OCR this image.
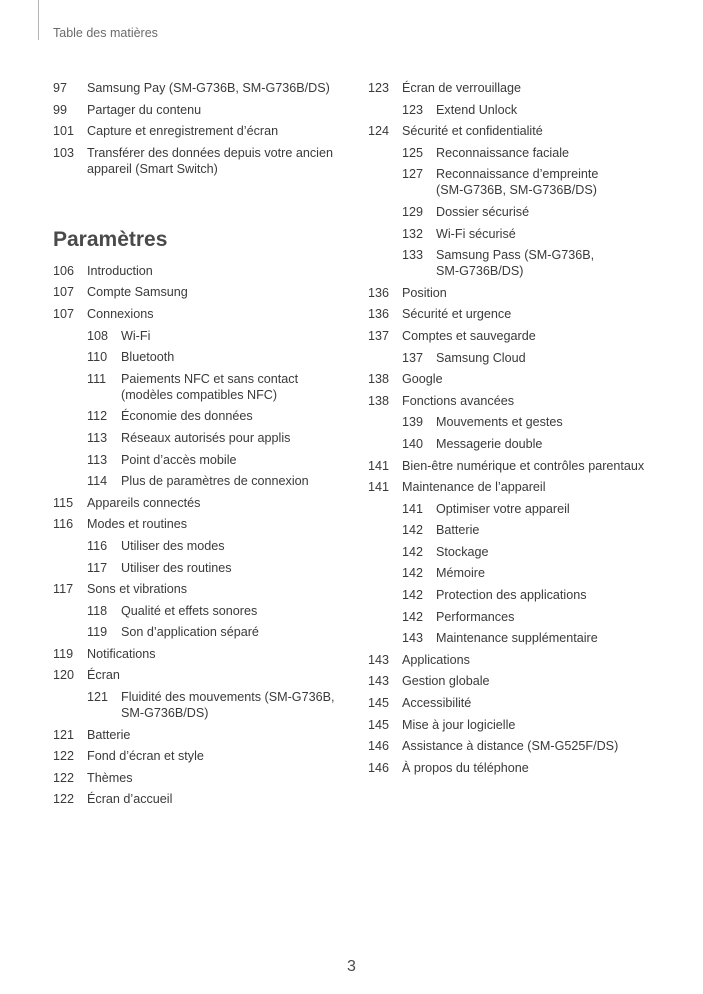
Table des matières
97	Samsung Pay (SM-G736B, SM-G736B/DS)
99	Partager du contenu
101	Capture et enregistrement d’écran
103	Transférer des données depuis votre ancien
appareil (Smart Switch)
Paramètres
106	Introduction
107	Compte Samsung
107	Connexions
108	Wi-Fi
110	Bluetooth
111	Paiements NFC et sans contact
(modèles compatibles NFC)
112	Économie des données
113	Réseaux autorisés pour applis
113	Point d’accès mobile
114	Plus de paramètres de connexion
115	Appareils connectés
116	Modes et routines
116	Utiliser des modes
117	Utiliser des routines
117	Sons et vibrations
118	Qualité et effets sonores
119	Son d’application séparé
119	Notifications
120	Écran
121	Fluidité des mouvements (SM-G736B,
SM-G736B/DS)
121	Batterie
122	Fond d’écran et style
122	Thèmes
122	Écran d’accueil
123	Écran de verrouillage
123	Extend Unlock
124	Sécurité et confidentialité
125	Reconnaissance faciale
127	Reconnaissance d’empreinte
(SM-G736B, SM-G736B/DS)
129	Dossier sécurisé
132	Wi-Fi sécurisé
133	Samsung Pass (SM-G736B,
SM-G736B/DS)
136	Position
136	Sécurité et urgence
137	Comptes et sauvegarde
137	Samsung Cloud
138	Google
138	Fonctions avancées
139	Mouvements et gestes
140	Messagerie double
141	Bien-être numérique et contrôles parentaux
141	Maintenance de l’appareil
141	Optimiser votre appareil
142	Batterie
142	Stockage
142	Mémoire
142	Protection des applications
142	Performances
143	Maintenance supplémentaire
143	Applications
143	Gestion globale
145	Accessibilité
145	Mise à jour logicielle
146	Assistance à distance (SM-G525F/DS)
146	À propos du téléphone
3
